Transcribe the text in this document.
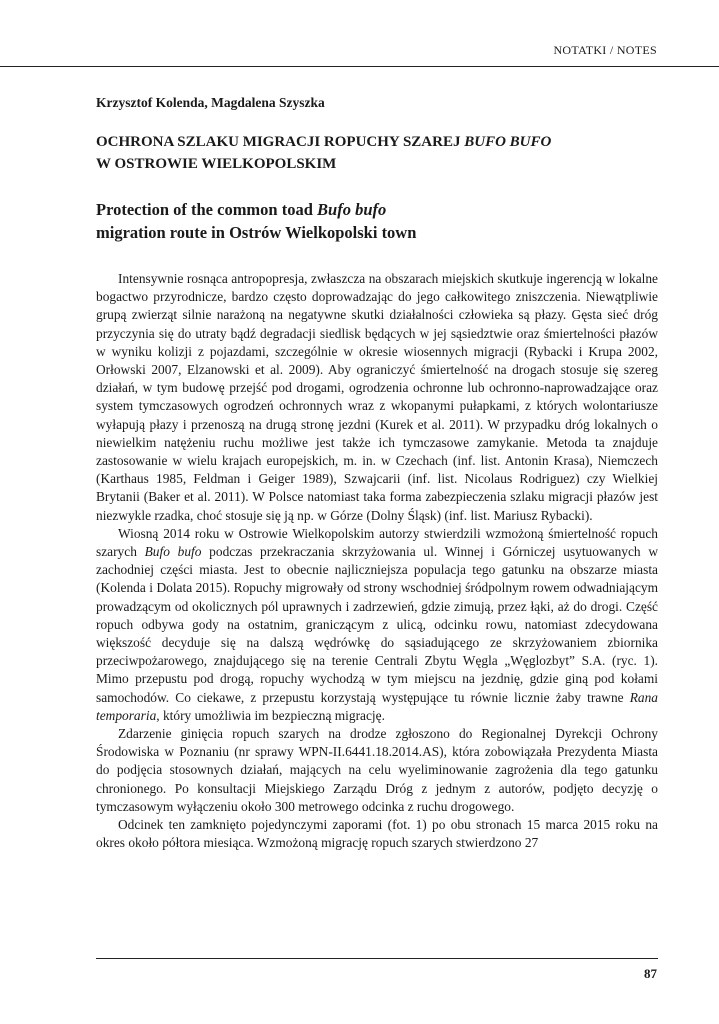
NOTATKI / NOTES
Krzysztof Kolenda, Magdalena Szyszka
OCHRONA SZLAKU MIGRACJI ROPUCHY SZAREJ BUFO BUFO
W OSTROWIE WIELKOPOLSKIM
Protection of the common toad Bufo bufo
migration route in Ostrów Wielkopolski town

Intensywnie rosnąca antropopresja, zwłaszcza na obszarach miejskich skutkuje ingerencją w lokalne bogactwo przyrodnicze, bardzo często doprowadzając do jego całkowitego zniszczenia. Niewątpliwie grupą zwierząt silnie narażoną na negatywne skutki działalności człowieka są płazy. Gęsta sieć dróg przyczynia się do utraty bądź degradacji siedlisk będących w jej sąsiedztwie oraz śmiertelności płazów w wyniku kolizji z pojazdami, szczególnie w okresie wiosennych migracji (Rybacki i Krupa 2002, Orłowski 2007, Elzanowski et al. 2009). Aby ograniczyć śmiertelność na drogach stosuje się szereg działań, w tym budowę przejść pod drogami, ogrodzenia ochronne lub ochronno-naprowadzające oraz system tymczasowych ogrodzeń ochronnych wraz z wkopanymi pułapkami, z których wolontariusze wyłapują płazy i przenoszą na drugą stronę jezdni (Kurek et al. 2011). W przypadku dróg lokalnych o niewielkim natężeniu ruchu możliwe jest także ich tymczasowe zamykanie. Metoda ta znajduje zastosowanie w wielu krajach europejskich, m. in. w Czechach (inf. list. Antonin Krasa), Niemczech (Karthaus 1985, Feldman i Geiger 1989), Szwajcarii (inf. list. Nicolaus Rodriguez) czy Wielkiej Brytanii (Baker et al. 2011). W Polsce natomiast taka forma zabezpieczenia szlaku migracji płazów jest niezwykle rzadka, choć stosuje się ją np. w Górze (Dolny Śląsk) (inf. list. Mariusz Rybacki).

Wiosną 2014 roku w Ostrowie Wielkopolskim autorzy stwierdzili wzmożoną śmiertelność ropuch szarych Bufo bufo podczas przekraczania skrzyżowania ul. Winnej i Górniczej usytuowanych w zachodniej części miasta. Jest to obecnie najliczniejsza populacja tego gatunku na obszarze miasta (Kolenda i Dolata 2015). Ropuchy migrowały od strony wschodniej śródpolnym rowem odwadniającym prowadzącym od okolicznych pól uprawnych i zadrzewień, gdzie zimują, przez łąki, aż do drogi. Część ropuch odbywa gody na ostatnim, graniczącym z ulicą, odcinku rowu, natomiast zdecydowana większość decyduje się na dalszą wędrówkę do sąsiadującego ze skrzyżowaniem zbiornika przeciwpożarowego, znajdującego się na terenie Centrali Zbytu Węgla „Węglozbyt” S.A. (ryc. 1). Mimo przepustu pod drogą, ropuchy wychodzą w tym miejscu na jezdnię, gdzie giną pod kołami samochodów. Co ciekawe, z przepustu korzystają występujące tu równie licznie żaby trawne Rana temporaria, który umożliwia im bezpieczną migrację.

Zdarzenie ginięcia ropuch szarych na drodze zgłoszono do Regionalnej Dyrekcji Ochrony Środowiska w Poznaniu (nr sprawy WPN-II.6441.18.2014.AS), która zobowiązała Prezydenta Miasta do podjęcia stosownych działań, mających na celu wyeliminowanie zagrożenia dla tego gatunku chronionego. Po konsultacji Miejskiego Zarządu Dróg z jednym z autorów, podjęto decyzję o tymczasowym wyłączeniu około 300 metrowego odcinka z ruchu drogowego.

Odcinek ten zamknięto pojedynczymi zaporami (fot. 1) po obu stronach 15 marca 2015 roku na okres około półtora miesiąca. Wzmożoną migrację ropuch szarych stwierdzono 27

87
